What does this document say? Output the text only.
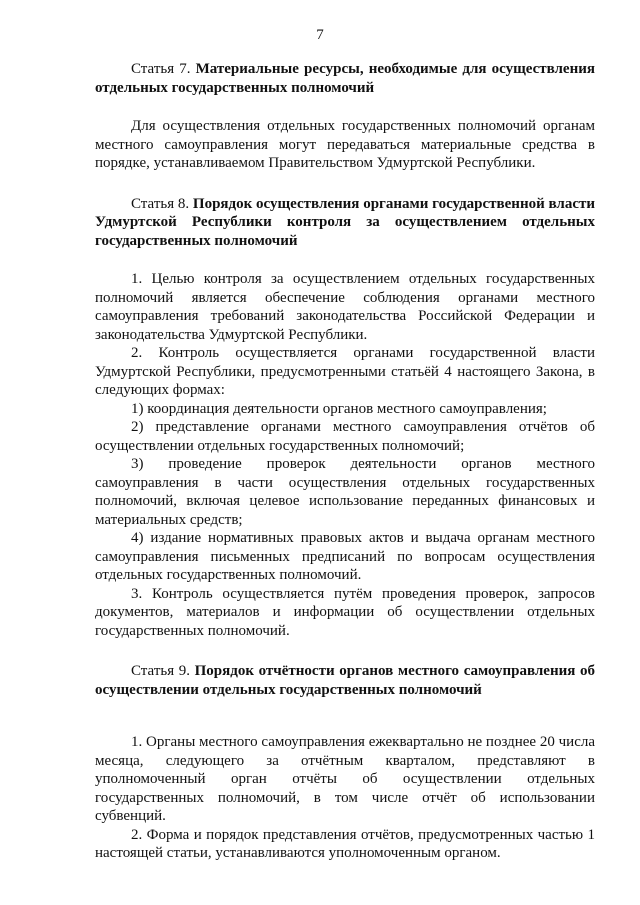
7
Статья 7. Материальные ресурсы, необходимые для осуществления отдельных государственных полномочий

Для осуществления отдельных государственных полномочий органам местного самоуправления могут передаваться материальные средства в порядке, устанавливаемом Правительством Удмуртской Республики.

Статья 8. Порядок осуществления органами государственной власти Удмуртской Республики контроля за осуществлением отдельных государственных полномочий

1. Целью контроля за осуществлением отдельных государственных полномочий является обеспечение соблюдения органами местного самоуправления требований законодательства Российской Федерации и законодательства Удмуртской Республики.

2. Контроль осуществляется органами государственной власти Удмуртской Республики, предусмотренными статьёй 4 настоящего Закона, в следующих формах:

1) координация деятельности органов местного самоуправления;

2) представление органами местного самоуправления отчётов об осуществлении отдельных государственных полномочий;

3) проведение проверок деятельности органов местного самоуправления в части осуществления отдельных государственных полномочий, включая целевое использование переданных финансовых и материальных средств;

4) издание нормативных правовых актов и выдача органам местного самоуправления письменных предписаний по вопросам осуществления отдельных государственных полномочий.

3. Контроль осуществляется путём проведения проверок, запросов документов, материалов и информации об осуществлении отдельных государственных полномочий.

Статья 9. Порядок отчётности органов местного самоуправления об осуществлении отдельных государственных полномочий

1. Органы местного самоуправления ежеквартально не позднее 20 числа месяца, следующего за отчётным кварталом, представляют в уполномоченный орган отчёты об осуществлении отдельных государственных полномочий, в том числе отчёт об использовании субвенций.

2. Форма и порядок представления отчётов, предусмотренных частью 1 настоящей статьи, устанавливаются уполномоченным органом.
